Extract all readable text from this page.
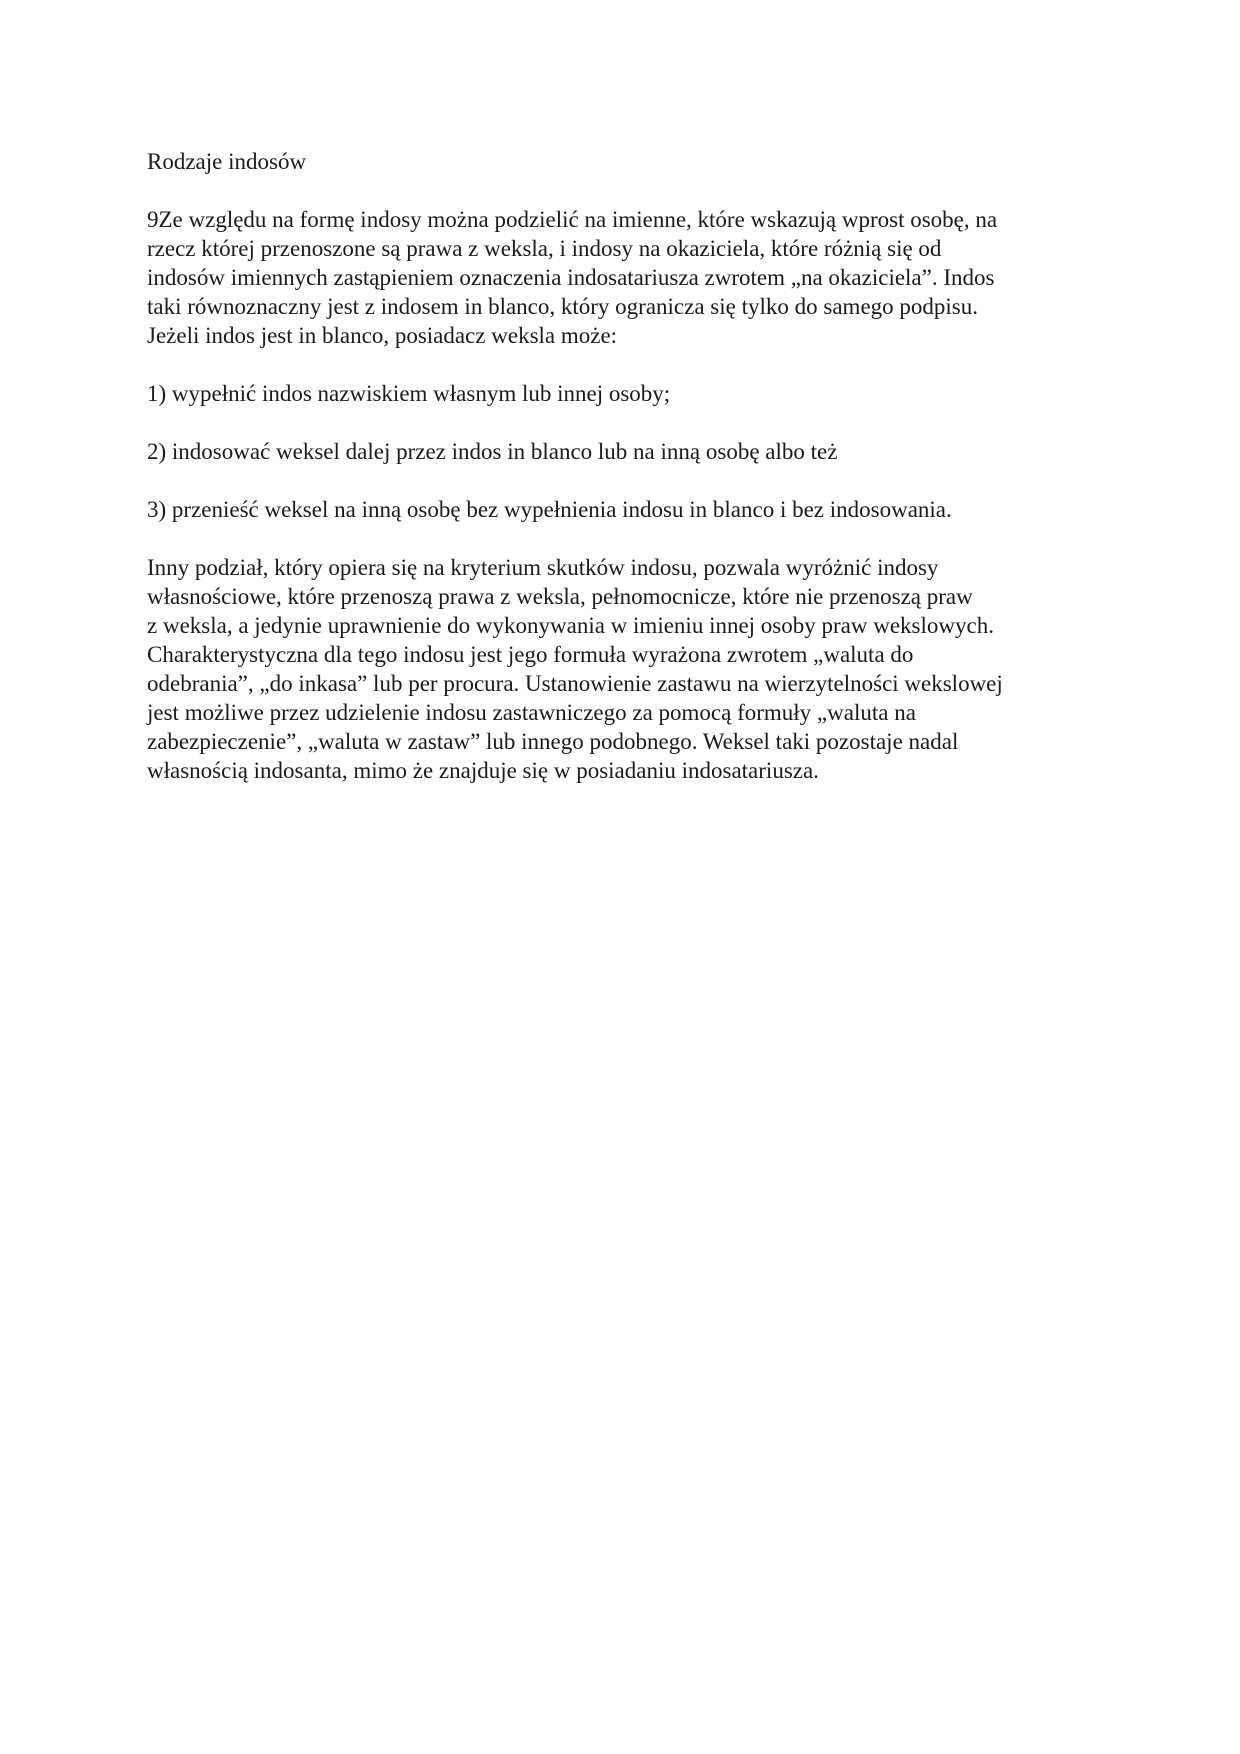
Rodzaje indosów

9Ze względu na formę indosy można podzielić na imienne, które wskazują wprost osobę, na
rzecz której przenoszone są prawa z weksla, i indosy na okaziciela, które różnią się od
indosów imiennych zastąpieniem oznaczenia indosatariusza zwrotem „na okaziciela”. Indos
taki równoznaczny jest z indosem in blanco, który ogranicza się tylko do samego podpisu.
Jeżeli indos jest in blanco, posiadacz weksla może:

1) wypełnić indos nazwiskiem własnym lub innej osoby;

2) indosować weksel dalej przez indos in blanco lub na inną osobę albo też

3) przenieść weksel na inną osobę bez wypełnienia indosu in blanco i bez indosowania.

Inny podział, który opiera się na kryterium skutków indosu, pozwala wyróżnić indosy
własnościowe, które przenoszą prawa z weksla, pełnomocnicze, które nie przenoszą praw
z weksla, a jedynie uprawnienie do wykonywania w imieniu innej osoby praw wekslowych.
Charakterystyczna dla tego indosu jest jego formuła wyrażona zwrotem „waluta do
odebrania”, „do inkasa” lub per procura. Ustanowienie zastawu na wierzytelności wekslowej
jest możliwe przez udzielenie indosu zastawniczego za pomocą formuły „waluta na
zabezpieczenie”, „waluta w zastaw” lub innego podobnego. Weksel taki pozostaje nadal
własnością indosanta, mimo że znajduje się w posiadaniu indosatariusza.
